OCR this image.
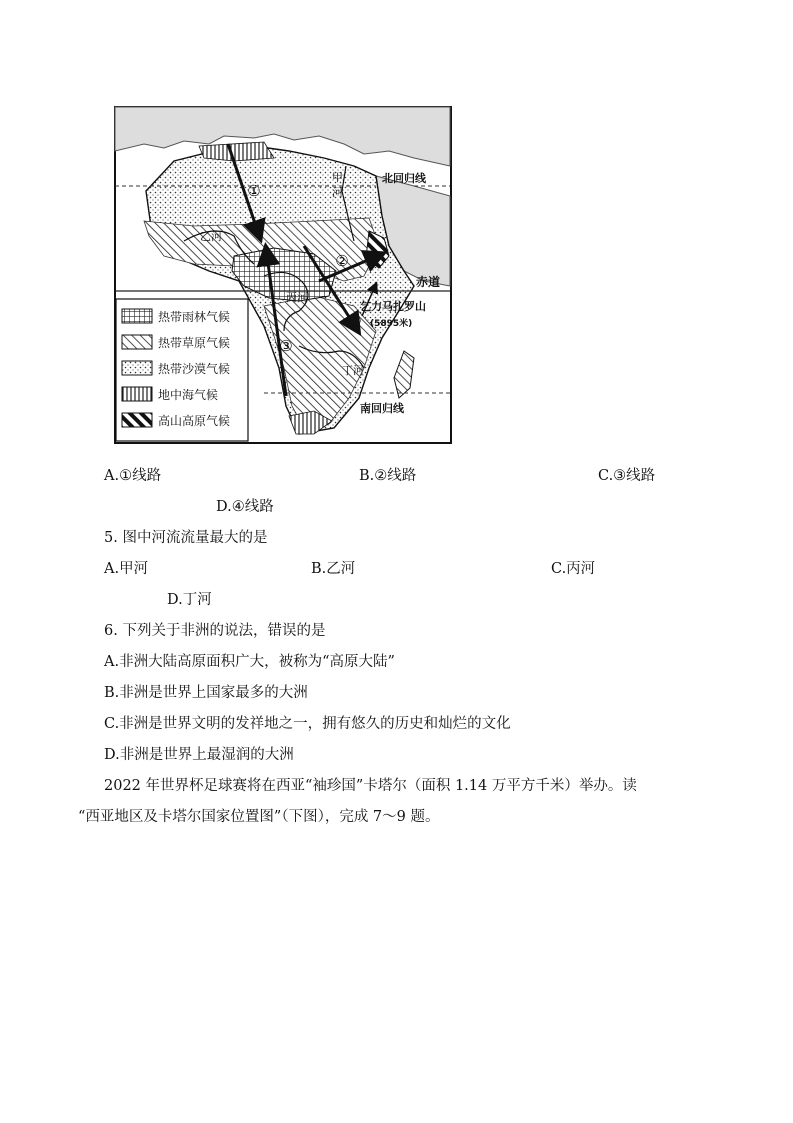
①
②
③
④
甲
河
丙河
丁河
北回归线
赤道
南回归线
乞力马扎罗山
(5895米)
热带雨林气候
热带草原气候
热带沙漠气候
地中海气候
高山高原气候
乙河
A.①线路	B.②线路	C.③线路
D.④线路
5. 图中河流流量最大的是
A.甲河	B.乙河	C.丙河
D.丁河
6. 下列关于非洲的说法，错误的是
A.非洲大陆高原面积广大，被称为“高原大陆”
B.非洲是世界上国家最多的大洲
C.非洲是世界文明的发祥地之一，拥有悠久的历史和灿烂的文化
D.非洲是世界上最湿润的大洲
2022 年世界杯足球赛将在西亚“袖珍国”卡塔尔（面积 1.14 万平方千米）举办。读
“西亚地区及卡塔尔国家位置图”（下图），完成 7～9 题。
